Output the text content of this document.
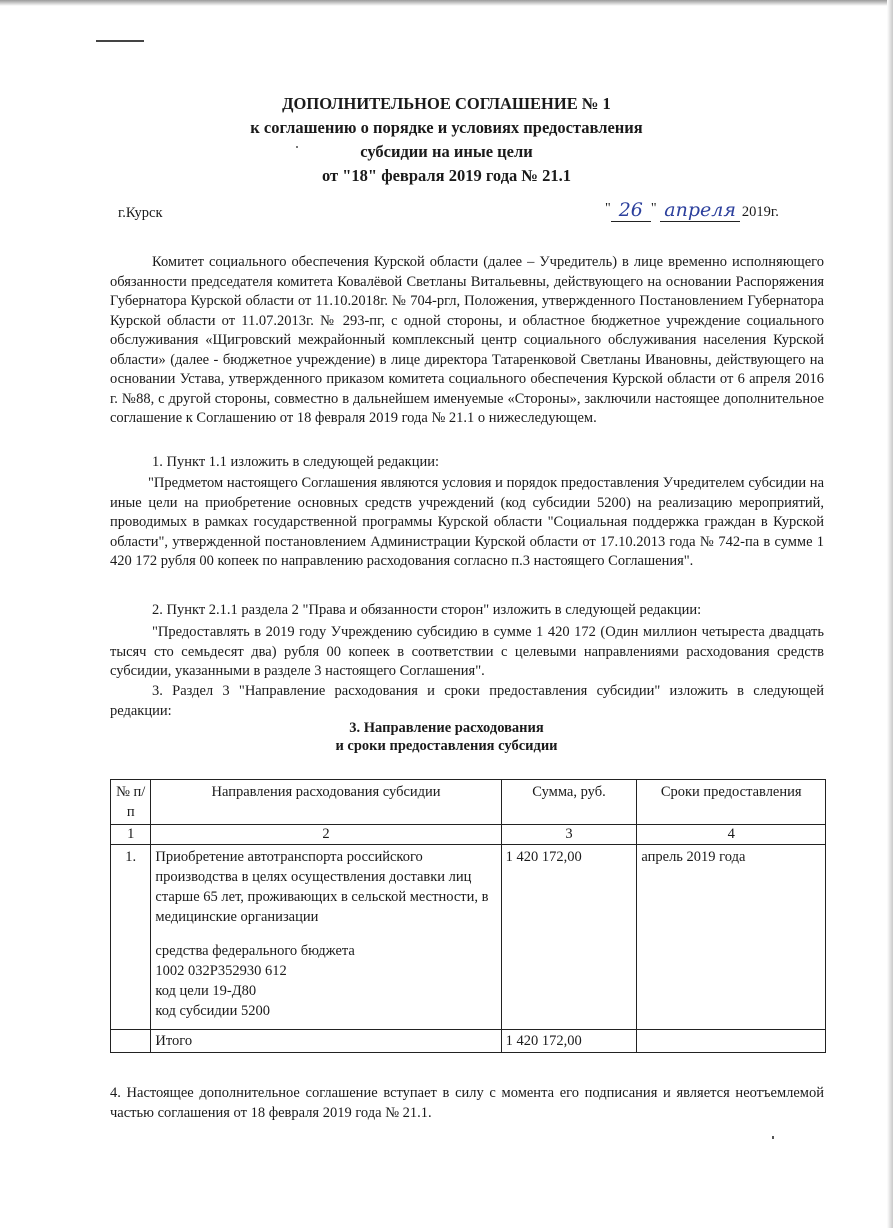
ДОПОЛНИТЕЛЬНОЕ СОГЛАШЕНИЕ № 1
к соглашению о порядке и условиях предоставления
субсидии на иные цели
от "18" февраля 2019 года № 21.1
г.Курск	" 26 " апреля 2019г.
Комитет социального обеспечения Курской области (далее – Учредитель) в лице временно исполняющего обязанности председателя комитета Ковалёвой Светланы Витальевны, действующего на основании Распоряжения Губернатора Курской области от 11.10.2018г. № 704-ргл, Положения, утвержденного Постановлением Губернатора Курской области от 11.07.2013г. № 293-пг, с одной стороны, и областное бюджетное учреждение социального обслуживания «Щигровский межрайонный комплексный центр социального обслуживания населения Курской области» (далее - бюджетное учреждение) в лице директора Татаренковой Светланы Ивановны, действующего на основании Устава, утвержденного приказом комитета социального обеспечения Курской области от 6 апреля 2016 г. №88, с другой стороны, совместно в дальнейшем именуемые «Стороны», заключили настоящее дополнительное соглашение к Соглашению от 18 февраля 2019 года № 21.1 о нижеследующем.
1. Пункт 1.1 изложить в следующей редакции:
"Предметом настоящего Соглашения являются условия и порядок предоставления Учредителем субсидии на иные цели на приобретение основных средств учреждений (код субсидии 5200) на реализацию мероприятий, проводимых в рамках государственной программы Курской области "Социальная поддержка граждан в Курской области", утвержденной постановлением Администрации Курской области от 17.10.2013 года № 742-па в сумме 1 420 172 рубля 00 копеек по направлению расходования согласно п.3 настоящего Соглашения".
2. Пункт 2.1.1 раздела 2 "Права и обязанности сторон" изложить в следующей редакции:
"Предоставлять в 2019 году Учреждению субсидию в сумме 1 420 172 (Один миллион четыреста двадцать тысяч сто семьдесят два) рубля 00 копеек в соответствии с целевыми направлениями расходования средств субсидии, указанными в разделе 3 настоящего Соглашения".
3. Раздел 3 "Направление расходования и сроки предоставления субсидии" изложить в следующей редакции:
3. Направление расходования
и сроки предоставления субсидии
№ п/п	Направления расходования субсидии	Сумма, руб.	Сроки предоставления
1	2	3	4
1.	Приобретение автотранспорта российского производства в целях осуществления доставки лиц старше 65 лет, проживающих в сельской местности, в медицинские организации
средства федерального бюджета
1002 032P352930 612
код цели 19-Д80
код субсидии 5200	1 420 172,00	апрель 2019 года
	Итого	1 420 172,00	
4. Настоящее дополнительное соглашение вступает в силу с момента его подписания и является неотъемлемой частью соглашения от 18 февраля 2019 года № 21.1.
